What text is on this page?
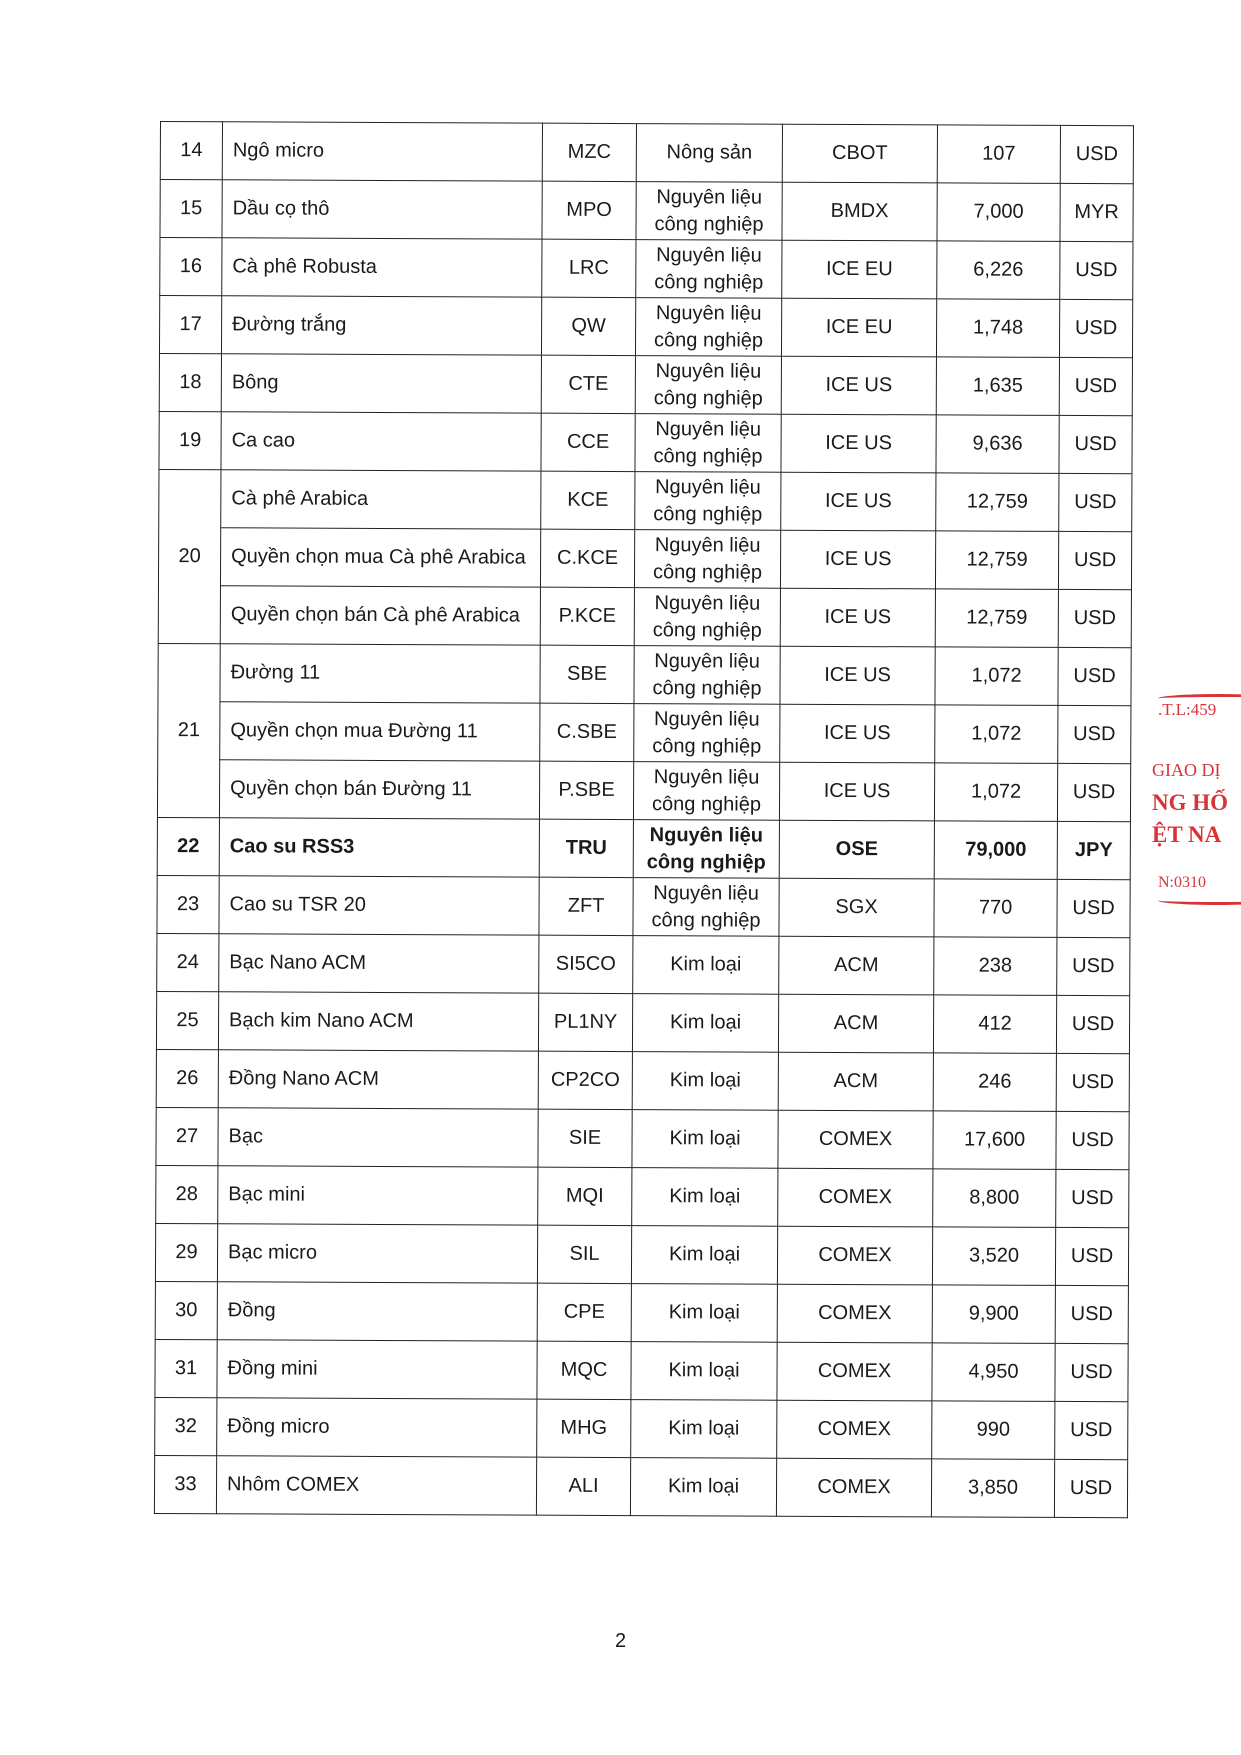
14	Ngô micro	MZC	Nông sản	CBOT	107	USD
15	Dầu cọ thô	MPO	Nguyên liệu công nghiệp	BMDX	7,000	MYR
16	Cà phê Robusta	LRC	Nguyên liệu công nghiệp	ICE EU	6,226	USD
17	Đường trắng	QW	Nguyên liệu công nghiệp	ICE EU	1,748	USD
18	Bông	CTE	Nguyên liệu công nghiệp	ICE US	1,635	USD
19	Ca cao	CCE	Nguyên liệu công nghiệp	ICE US	9,636	USD
20	Cà phê Arabica	KCE	Nguyên liệu công nghiệp	ICE US	12,759	USD
	Quyền chọn mua Cà phê Arabica	C.KCE	Nguyên liệu công nghiệp	ICE US	12,759	USD
	Quyền chọn bán Cà phê Arabica	P.KCE	Nguyên liệu công nghiệp	ICE US	12,759	USD
21	Đường 11	SBE	Nguyên liệu công nghiệp	ICE US	1,072	USD
	Quyền chọn mua Đường 11	C.SBE	Nguyên liệu công nghiệp	ICE US	1,072	USD
	Quyền chọn bán Đường 11	P.SBE	Nguyên liệu công nghiệp	ICE US	1,072	USD
22	Cao su RSS3	TRU	Nguyên liệu công nghiệp	OSE	79,000	JPY
23	Cao su TSR 20	ZFT	Nguyên liệu công nghiệp	SGX	770	USD
24	Bạc Nano ACM	SI5CO	Kim loại	ACM	238	USD
25	Bạch kim Nano ACM	PL1NY	Kim loại	ACM	412	USD
26	Đồng Nano ACM	CP2CO	Kim loại	ACM	246	USD
27	Bạc	SIE	Kim loại	COMEX	17,600	USD
28	Bạc mini	MQI	Kim loại	COMEX	8,800	USD
29	Bạc micro	SIL	Kim loại	COMEX	3,520	USD
30	Đồng	CPE	Kim loại	COMEX	9,900	USD
31	Đồng mini	MQC	Kim loại	COMEX	4,950	USD
32	Đồng micro	MHG	Kim loại	COMEX	990	USD
33	Nhôm COMEX	ALI	Kim loại	COMEX	3,850	USD
2
.T.L:459
GIAO DỊ
NG HỐ
ỆT NA
N:0310
